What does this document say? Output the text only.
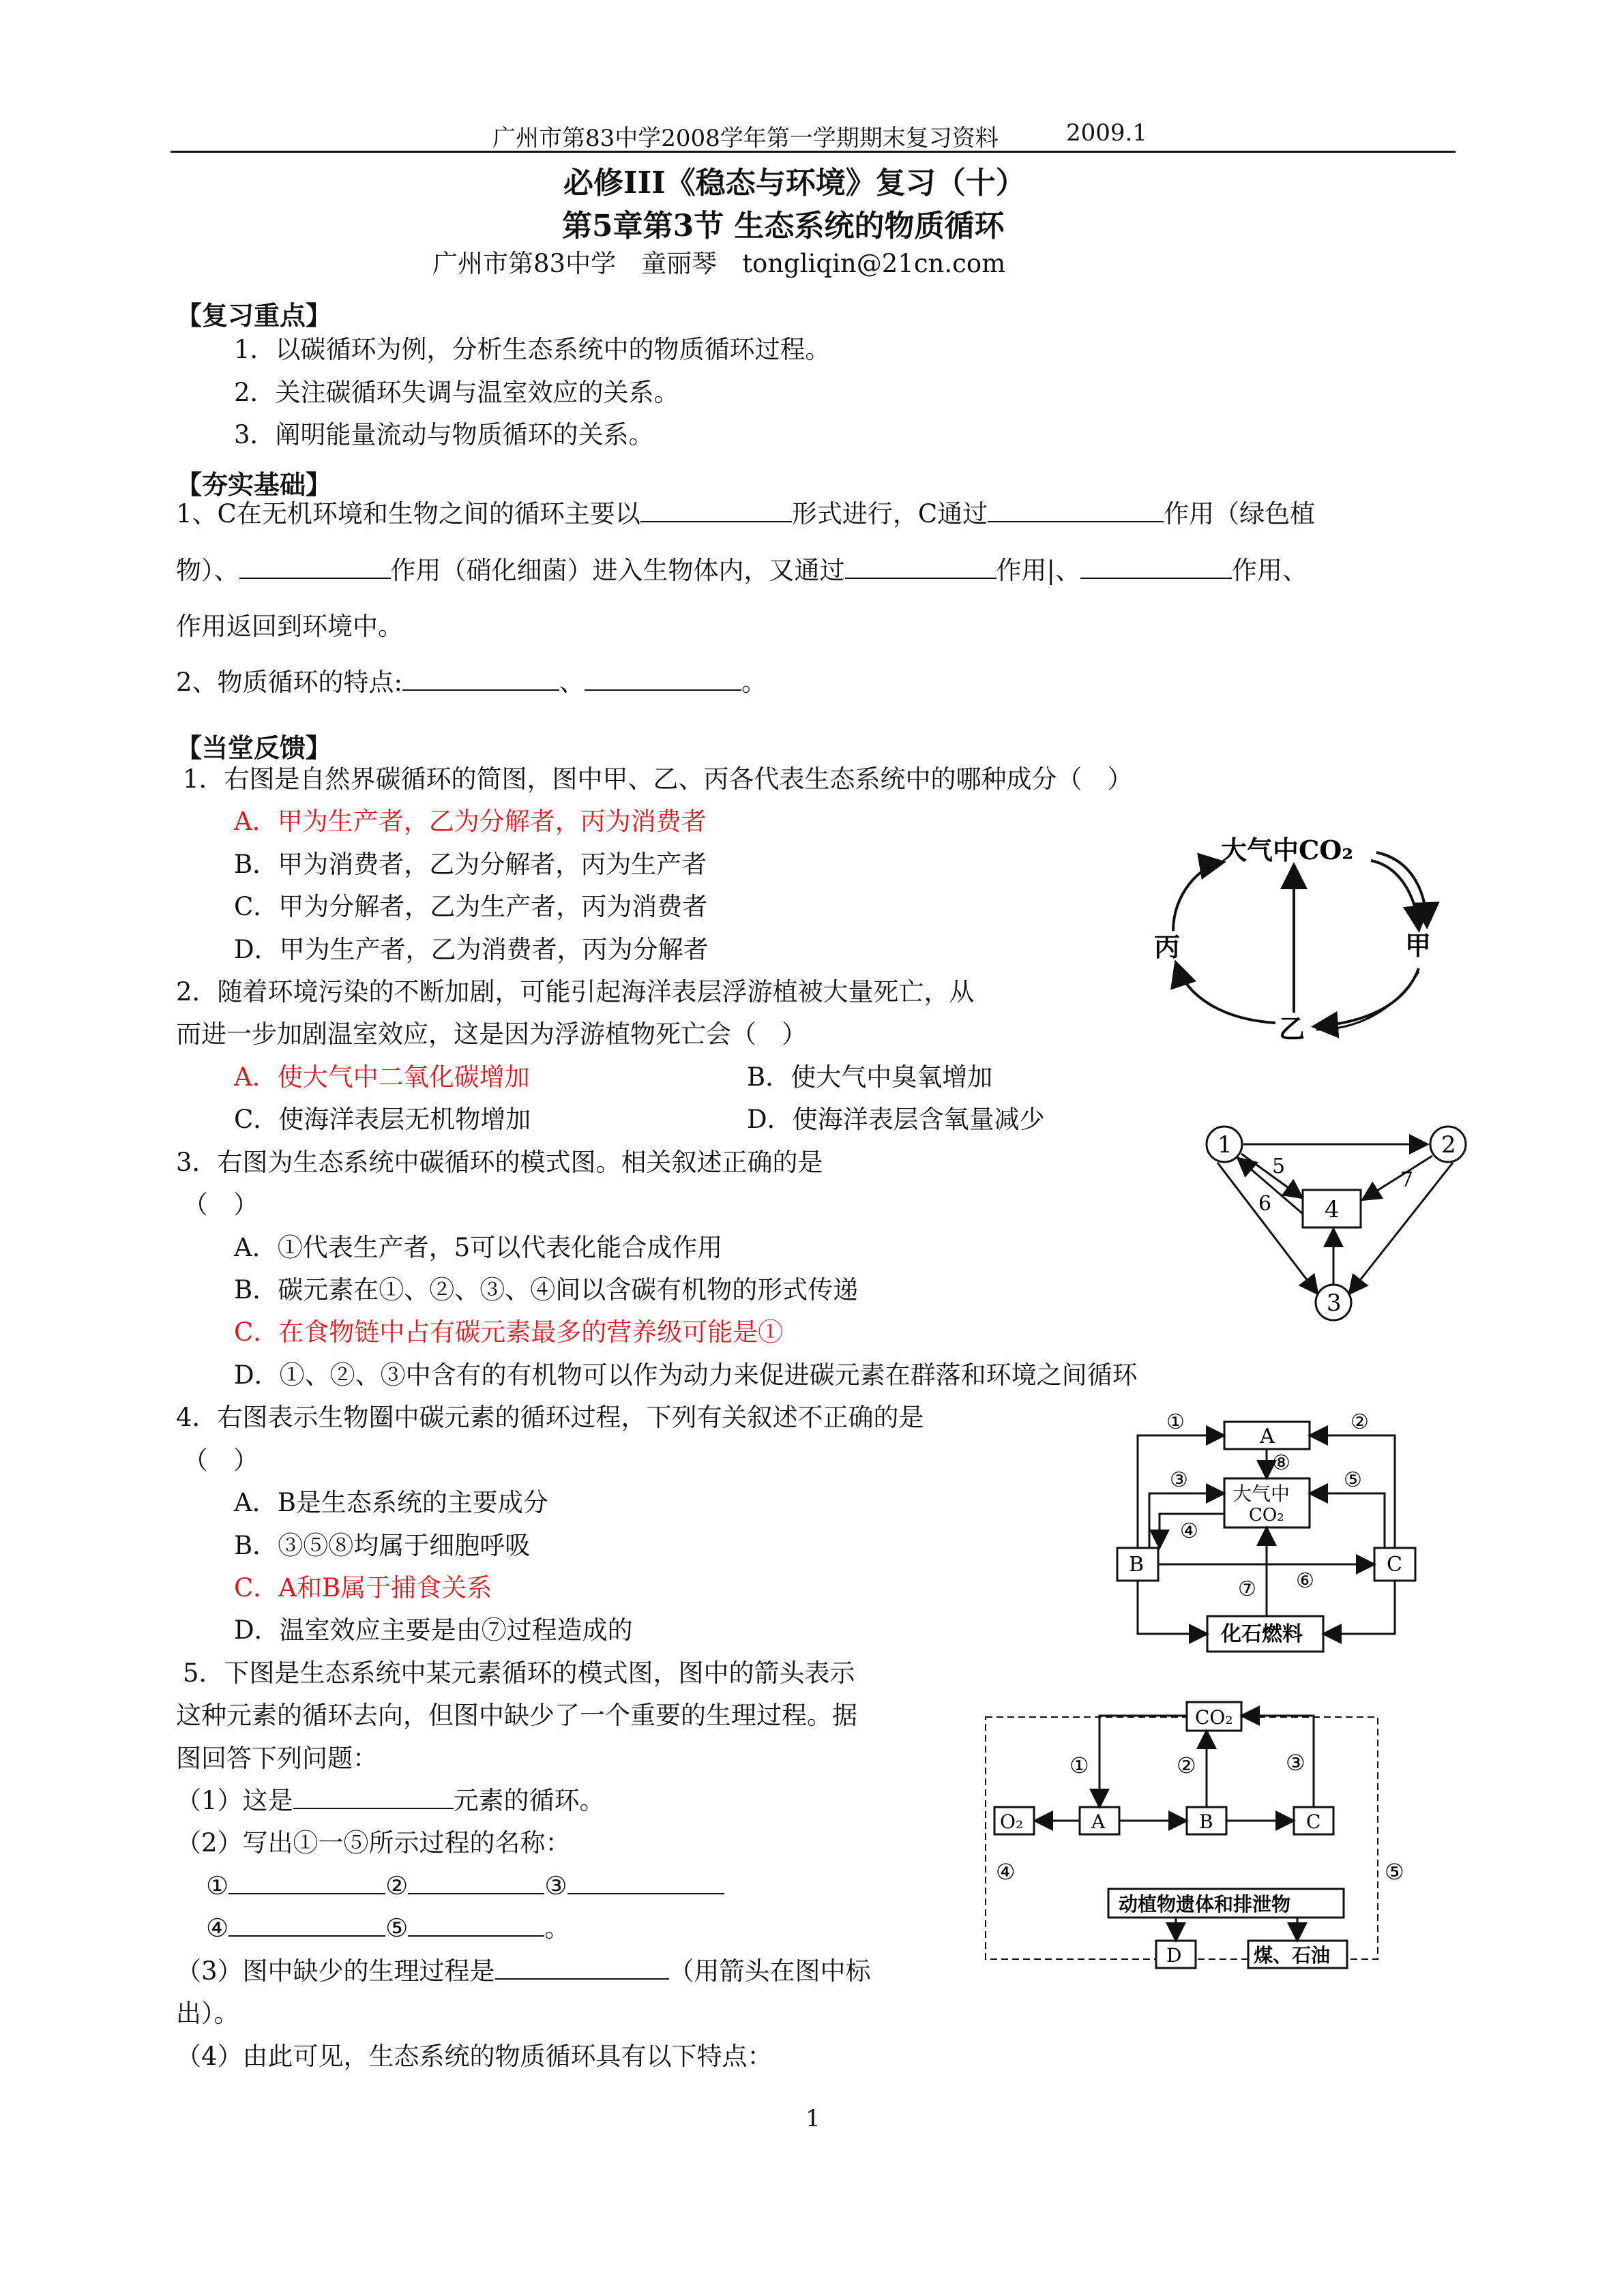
广州市第83中学2008学年第一学期期末复习资料	2009.1
必修III《稳态与环境》复习（十）
第5章第3节 生态系统的物质循环
广州市第83中学　童丽琴　tongliqin@21cn.com
【复习重点】
1．以碳循环为例，分析生态系统中的物质循环过程。
2．关注碳循环失调与温室效应的关系。
3．阐明能量流动与物质循环的关系。
【夯实基础】
1、C在无机环境和生物之间的循环主要以	形式进行，C通过	作用（绿色植
物）、	作用（硝化细菌）进入生物体内，又通过	作用|、	作用、
作用返回到环境中。
2、物质循环的特点:	、	。
【当堂反馈】
1．右图是自然界碳循环的简图，图中甲、乙、丙各代表生态系统中的哪种成分（　）
A．甲为生产者，乙为分解者，丙为消费者
B．甲为消费者，乙为分解者，丙为生产者
C．甲为分解者，乙为生产者，丙为消费者
D．甲为生产者，乙为消费者，丙为分解者
2．随着环境污染的不断加剧，可能引起海洋表层浮游植被大量死亡，从
而进一步加剧温室效应，这是因为浮游植物死亡会（　）
A．使大气中二氧化碳增加	B．使大气中臭氧增加
C．使海洋表层无机物增加	D．使海洋表层含氧量减少
3．右图为生态系统中碳循环的模式图。相关叙述正确的是
（　）
A．①代表生产者，5可以代表化能合成作用
B．碳元素在①、②、③、④间以含碳有机物的形式传递
C．在食物链中占有碳元素最多的营养级可能是①
D．①、②、③中含有的有机物可以作为动力来促进碳元素在群落和环境之间循环
4．右图表示生物圈中碳元素的循环过程，下列有关叙述不正确的是
（　）
A．B是生态系统的主要成分
B．③⑤⑧均属于细胞呼吸
C．A和B属于捕食关系
D．温室效应主要是由⑦过程造成的
5．下图是生态系统中某元素循环的模式图，图中的箭头表示
这种元素的循环去向，但图中缺少了一个重要的生理过程。据
图回答下列问题：
（1）这是	元素的循环。
（2）写出①一⑤所示过程的名称：
①	②	③
④	⑤	。
（3）图中缺少的生理过程是	（用箭头在图中标
出）。
（4）由此可见，生态系统的物质循环具有以下特点：
大气中CO₂
丙	甲
乙
1	2
3
4
5
6
7
A
大气中
CO₂
B	C
化石燃料
①	②
③
④
⑤
⑥
⑦
⑧
CO₂
O₂	A	B	C
动植物遗体和排泄物
D	煤、石油
①	②	③
④	⑤
1
